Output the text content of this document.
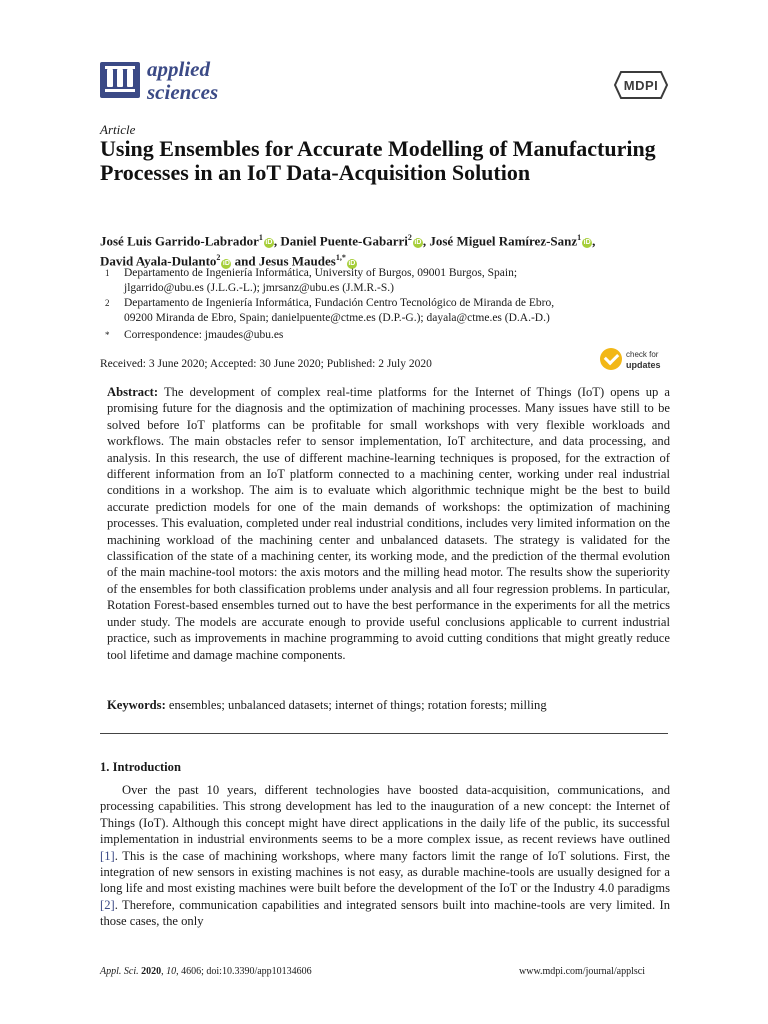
applied
sciences	MDPI
Article
Using Ensembles for Accurate Modelling of Manufacturing Processes in an IoT Data-Acquisition Solution
José Luis Garrido-Labrador$^1$iD , Daniel Puente-Gabarri$^2$iD , José Miguel Ramírez-Sanz$^1$iD ,
David Ayala-Dulanto$^2$iD and Jesus Maudes$^{1,*}$iD
1 Departamento de Ingeniería Informática, University of Burgos, 09001 Burgos, Spain;
jlgarrido@ubu.es (J.L.G.-L.); jmrsanz@ubu.es (J.M.R.-S.)
2 Departamento de Ingeniería Informática, Fundación Centro Tecnológico de Miranda de Ebro,
09200 Miranda de Ebro, Spain; danielpuente@ctme.es (D.P.-G.); dayala@ctme.es (D.A.-D.)
* Correspondence: jmaudes@ubu.es
Received: 3 June 2020; Accepted: 30 June 2020; Published: 2 July 2020
check for
updates
Abstract: The development of complex real-time platforms for the Internet of Things (IoT) opens up a promising future for the diagnosis and the optimization of machining processes. Many issues have still to be solved before IoT platforms can be profitable for small workshops with very flexible workloads and workflows. The main obstacles refer to sensor implementation, IoT architecture, and data processing, and analysis. In this research, the use of different machine-learning techniques is proposed, for the extraction of different information from an IoT platform connected to a machining center, working under real industrial conditions in a workshop. The aim is to evaluate which algorithmic technique might be the best to build accurate prediction models for one of the main demands of workshops: the optimization of machining processes. This evaluation, completed under real industrial conditions, includes very limited information on the machining workload of the machining center and unbalanced datasets. The strategy is validated for the classification of the state of a machining center, its working mode, and the prediction of the thermal evolution of the main machine-tool motors: the axis motors and the milling head motor. The results show the superiority of the ensembles for both classification problems under analysis and all four regression problems. In particular, Rotation Forest-based ensembles turned out to have the best performance in the experiments for all the metrics under study. The models are accurate enough to provide useful conclusions applicable to current industrial practice, such as improvements in machine programming to avoid cutting conditions that might greatly reduce tool lifetime and damage machine components.
Keywords: ensembles; unbalanced datasets; internet of things; rotation forests; milling
1. Introduction
Over the past 10 years, different technologies have boosted data-acquisition, communications, and processing capabilities. This strong development has led to the inauguration of a new concept: the Internet of Things (IoT). Although this concept might have direct applications in the daily life of the public, its successful implementation in industrial environments seems to be a more complex issue, as recent reviews have outlined [1]. This is the case of machining workshops, where many factors limit the range of IoT solutions. First, the integration of new sensors in existing machines is not easy, as durable machine-tools are usually designed for a long life and most existing machines were built before the development of the IoT or the Industry 4.0 paradigms [2]. Therefore, communication capabilities and integrated sensors built into machine-tools are very limited. In those cases, the only
Appl. Sci. 2020, 10, 4606; doi:10.3390/app10134606	www.mdpi.com/journal/applsci
